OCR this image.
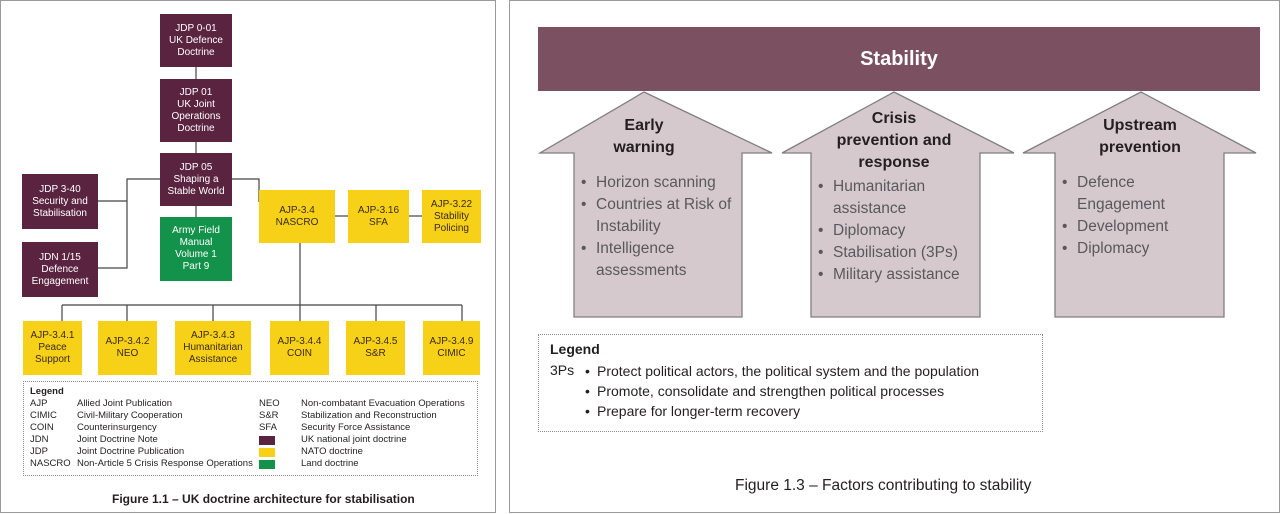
JDP 0-01
UK Defence
Doctrine
JDP 01
UK Joint
Operations
Doctrine
JDP 05
Shaping a
Stable World
JDP 3-40
Security and
Stabilisation
JDN 1/15
Defence
Engagement
Army Field
Manual
Volume 1
Part 9
AJP-3.4
NASCRO
AJP-3.16
SFA
AJP-3.22
Stability
Policing
AJP-3.4.1
Peace
Support
AJP-3.4.2
NEO
AJP-3.4.3
Humanitarian
Assistance
AJP-3.4.4
COIN
AJP-3.4.5
S&R
AJP-3.4.9
CIMIC
Legend
AJP	Allied Joint Publication
CIMIC Civil-Military Cooperation
COIN Counterinsurgency
JDN	Joint Doctrine Note
JDP	Joint Doctrine Publication
NASCRO Non-Article 5 Crisis Response Operations
NEO Non-combatant Evacuation Operations
S&R Stabilization and Reconstruction
SFA	Security Force Assistance
UK national joint doctrine
NATO doctrine
Land doctrine
Figure 1.1 – UK doctrine architecture for stabilisation
Stability
Early
warning
• Horizon scanning
• Countries at Risk of Instability
• Intelligence assessments
Crisis
prevention and
response
• Humanitarian assistance
• Diplomacy
• Stabilisation (3Ps)
• Military assistance
Upstream
prevention
• Defence Engagement
• Development
• Diplomacy
Legend
3Ps
•	Protect political actors, the political system and the population
• Promote, consolidate and strengthen political processes
• Prepare for longer-term recovery
Figure 1.3 – Factors contributing to stability
